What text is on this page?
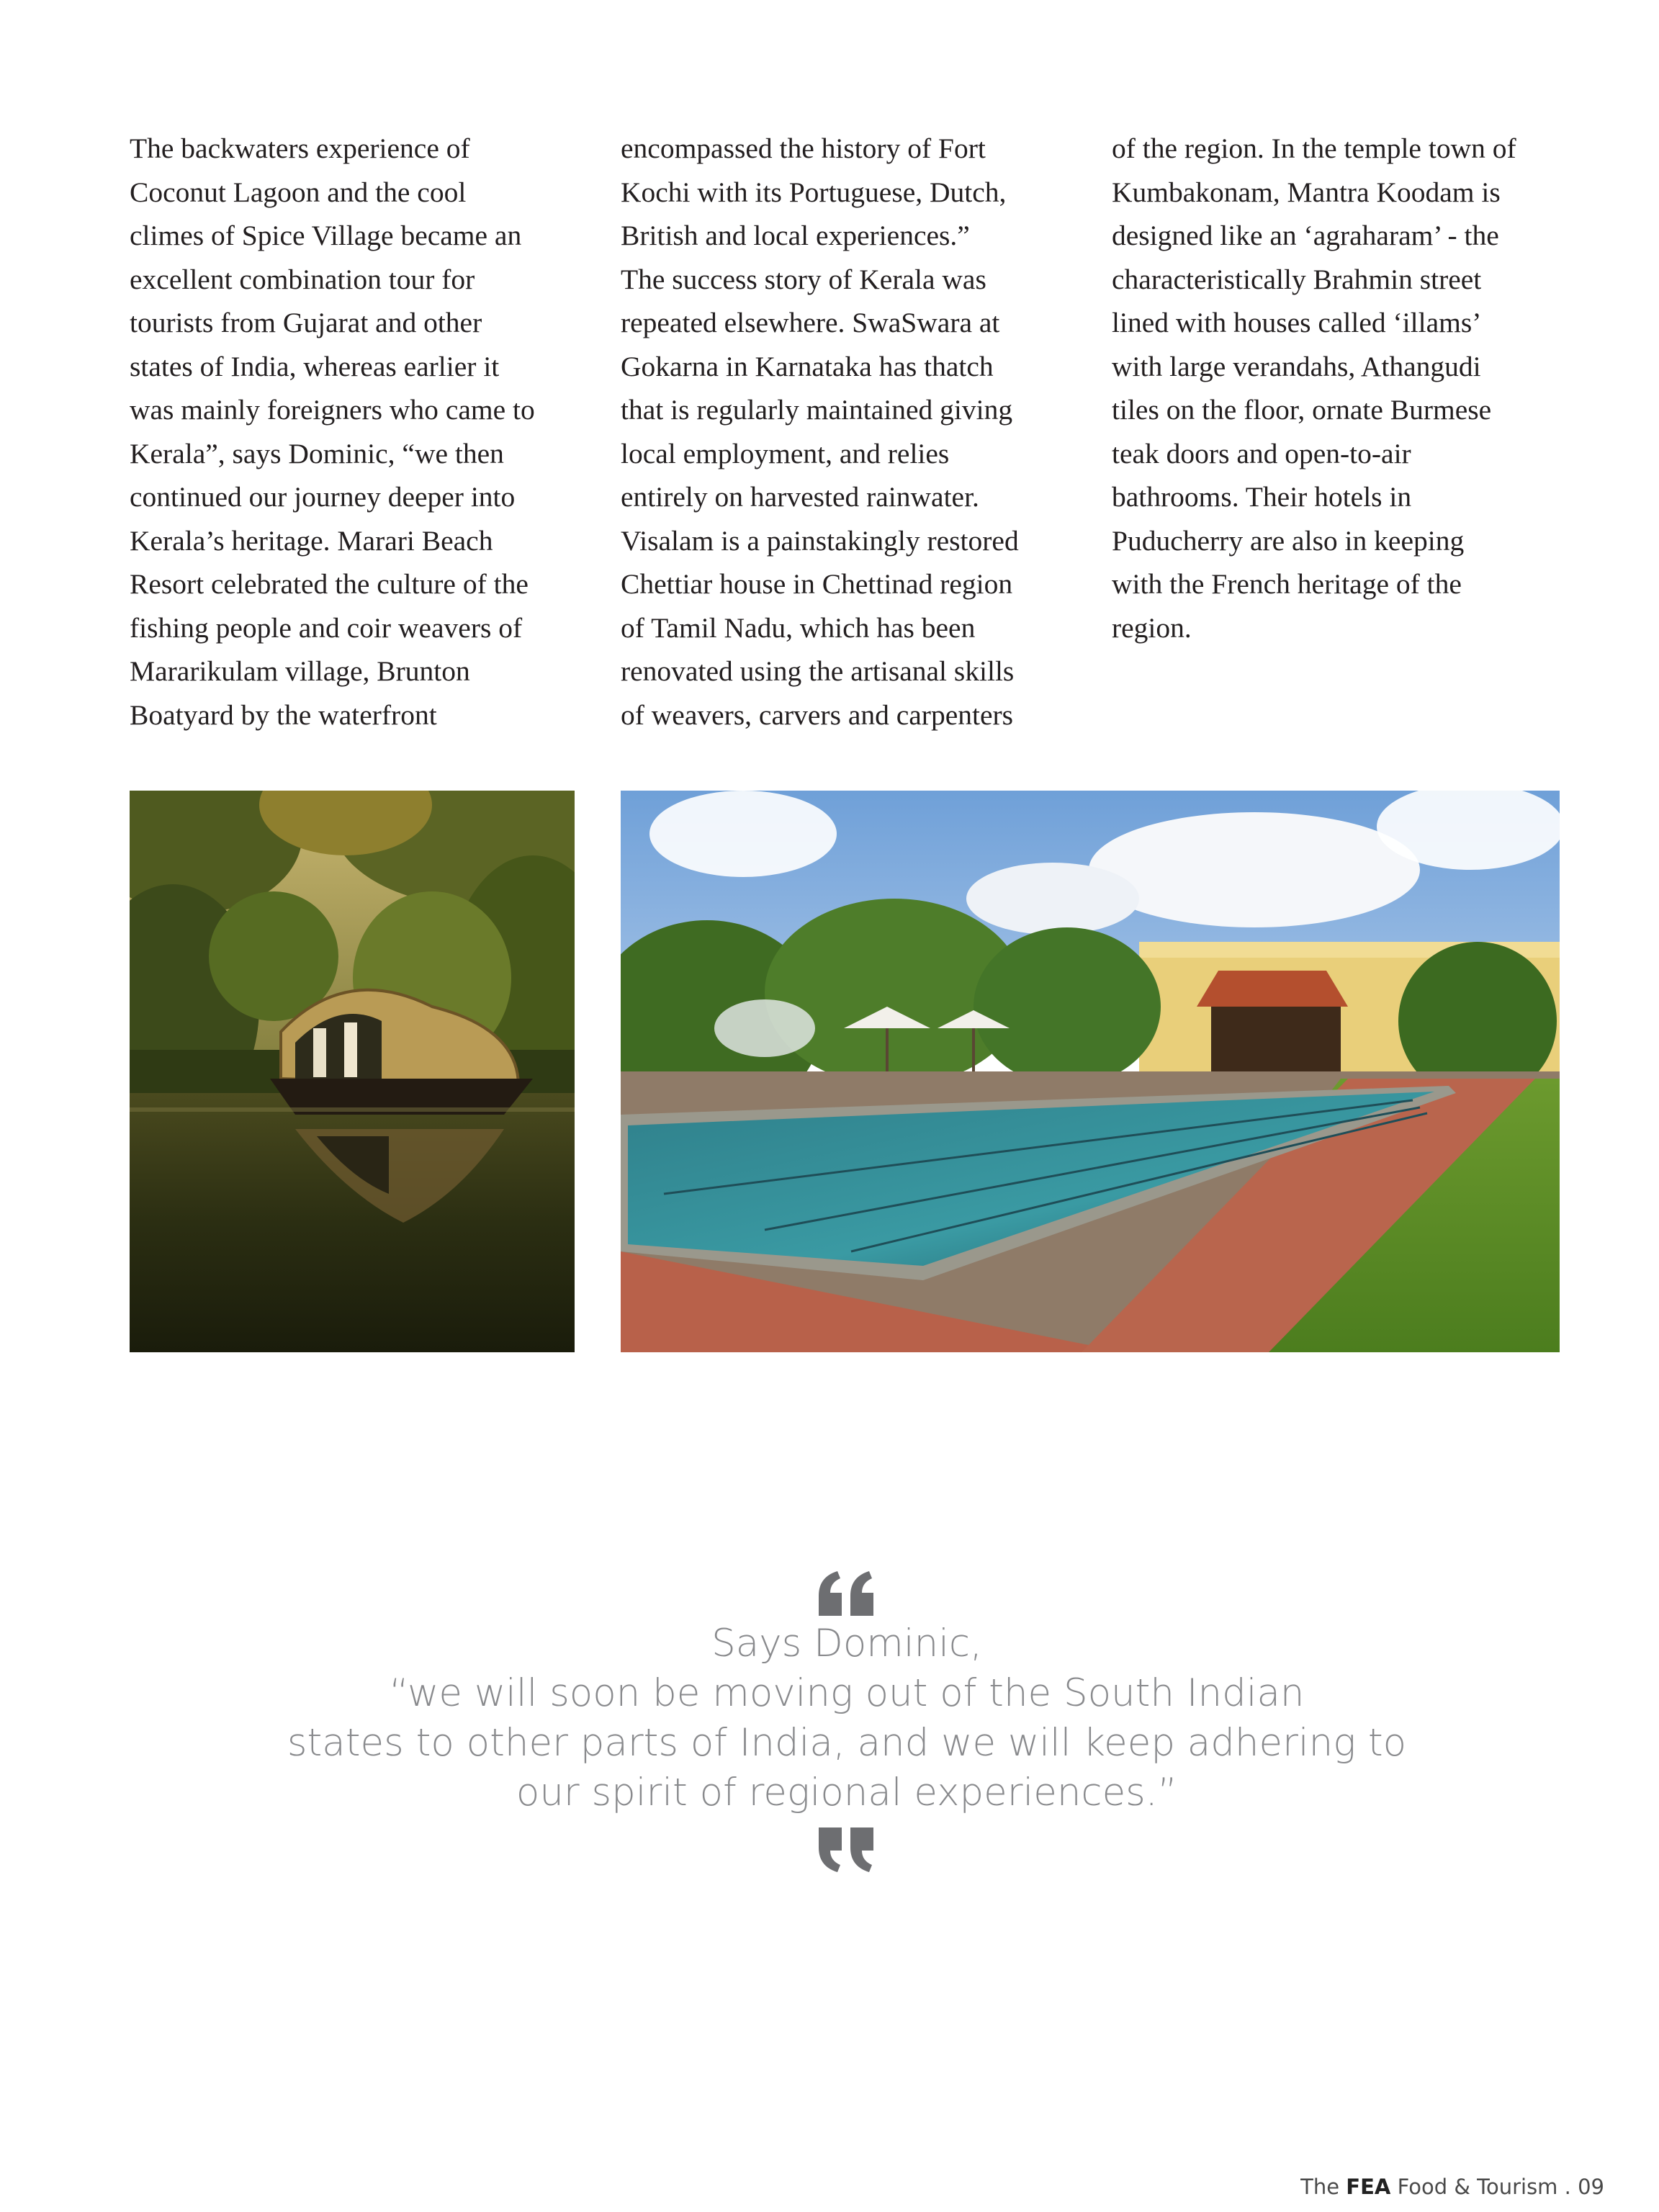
The backwaters experience of
Coconut Lagoon and the cool
climes of Spice Village became an
excellent combination tour for
tourists from Gujarat and other
states of India, whereas earlier it
was mainly foreigners who came to
Kerala”, says Dominic, “we then
continued our journey deeper into
Kerala’s heritage. Marari Beach
Resort celebrated the culture of the
fishing people and coir weavers of
Mararikulam village, Brunton
Boatyard by the waterfront
encompassed the history of Fort
Kochi with its Portuguese, Dutch,
British and local experiences.”
The success story of Kerala was
repeated elsewhere. SwaSwara at
Gokarna in Karnataka has thatch
that is regularly maintained giving
local employment, and relies
entirely on harvested rainwater.
Visalam is a painstakingly restored
Chettiar house in Chettinad region
of Tamil Nadu, which has been
renovated using the artisanal skills
of weavers, carvers and carpenters
of the region. In the temple town of
Kumbakonam, Mantra Koodam is
designed like an ‘agraharam’ - the
characteristically Brahmin street
lined with houses called ‘illams’
with large verandahs, Athangudi
tiles on the floor, ornate Burmese
teak doors and open-to-air
bathrooms. Their hotels in
Puducherry are also in keeping
with the French heritage of the
region.
Says Dominic,
“we will soon be moving out of the South Indian
states to other parts of India, and we will keep adhering to
our spirit of regional experiences.”
The FEA Food & Tourism . 09
